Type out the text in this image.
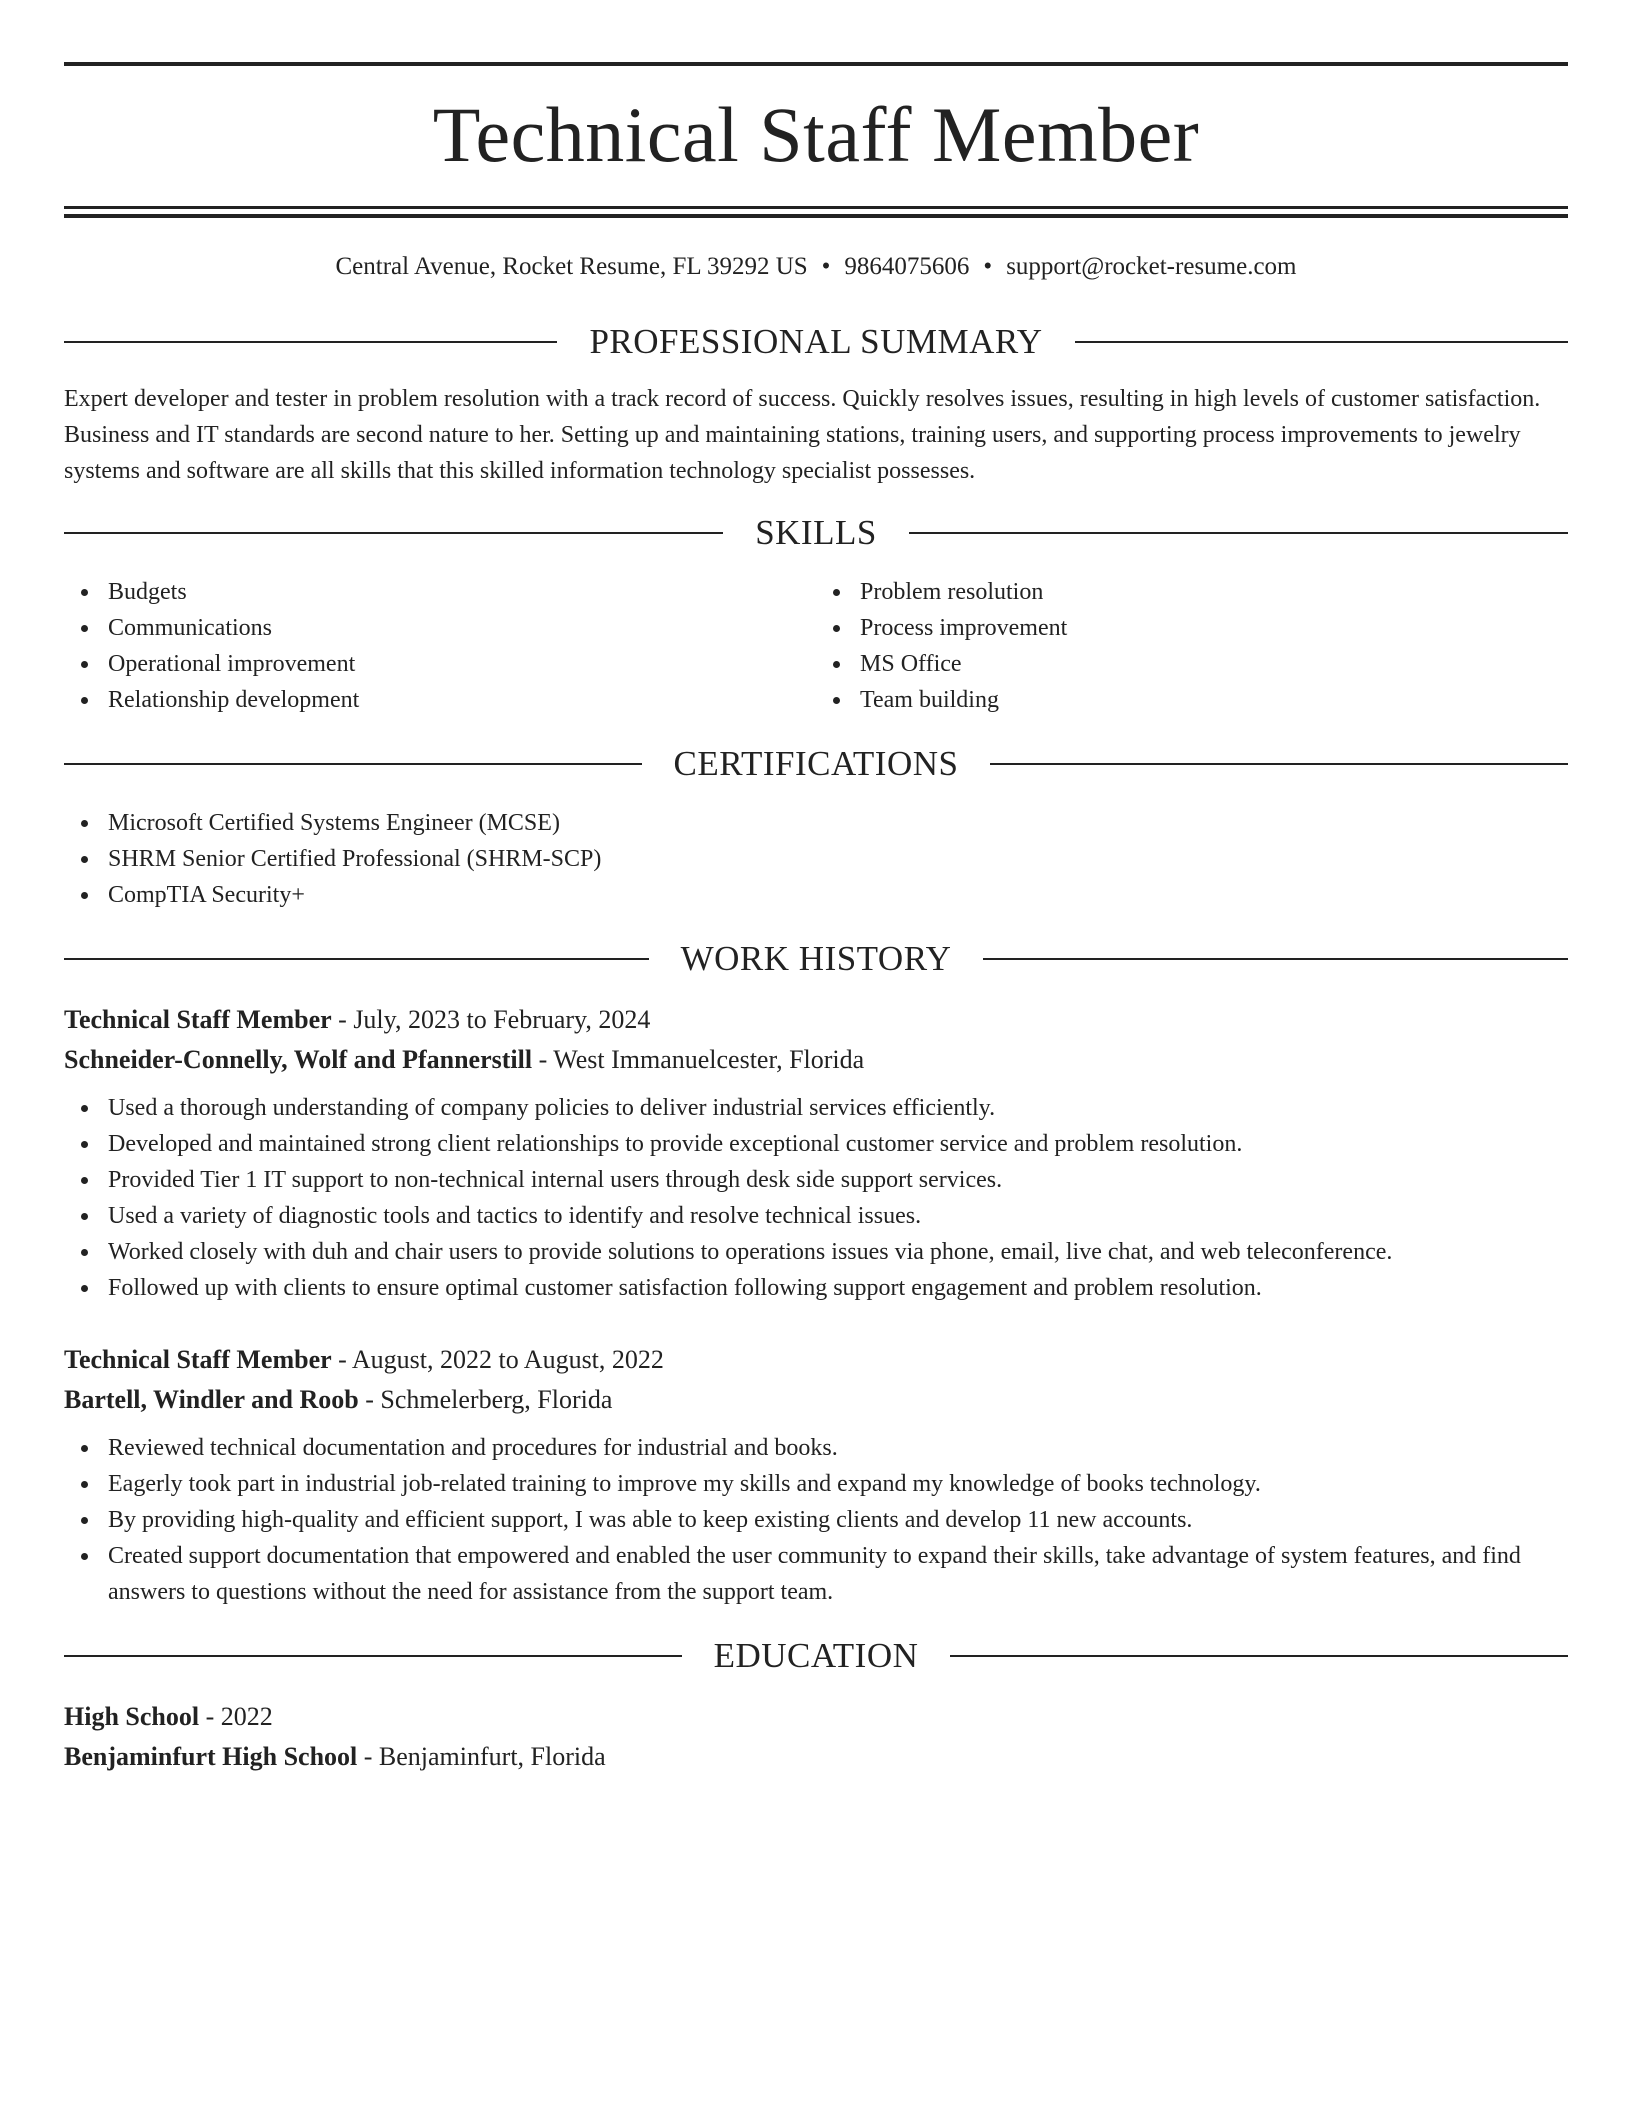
Technical Staff Member
Central Avenue, Rocket Resume, FL 39292 US • 9864075606 • support@rocket-resume.com
PROFESSIONAL SUMMARY
Expert developer and tester in problem resolution with a track record of success. Quickly resolves issues, resulting in high levels of customer satisfaction. Business and IT standards are second nature to her. Setting up and maintaining stations, training users, and supporting process improvements to jewelry systems and software are all skills that this skilled information technology specialist possesses.
SKILLS
Budgets
Communications
Operational improvement
Relationship development
Problem resolution
Process improvement
MS Office
Team building
CERTIFICATIONS
Microsoft Certified Systems Engineer (MCSE)
SHRM Senior Certified Professional (SHRM-SCP)
CompTIA Security+
WORK HISTORY
Technical Staff Member - July, 2023 to February, 2024
Schneider-Connelly, Wolf and Pfannerstill - West Immanuelcester, Florida
Used a thorough understanding of company policies to deliver industrial services efficiently.
Developed and maintained strong client relationships to provide exceptional customer service and problem resolution.
Provided Tier 1 IT support to non-technical internal users through desk side support services.
Used a variety of diagnostic tools and tactics to identify and resolve technical issues.
Worked closely with duh and chair users to provide solutions to operations issues via phone, email, live chat, and web teleconference.
Followed up with clients to ensure optimal customer satisfaction following support engagement and problem resolution.
Technical Staff Member - August, 2022 to August, 2022
Bartell, Windler and Roob - Schmelerberg, Florida
Reviewed technical documentation and procedures for industrial and books.
Eagerly took part in industrial job-related training to improve my skills and expand my knowledge of books technology.
By providing high-quality and efficient support, I was able to keep existing clients and develop 11 new accounts.
Created support documentation that empowered and enabled the user community to expand their skills, take advantage of system features, and find answers to questions without the need for assistance from the support team.
EDUCATION
High School - 2022
Benjaminfurt High School - Benjaminfurt, Florida
